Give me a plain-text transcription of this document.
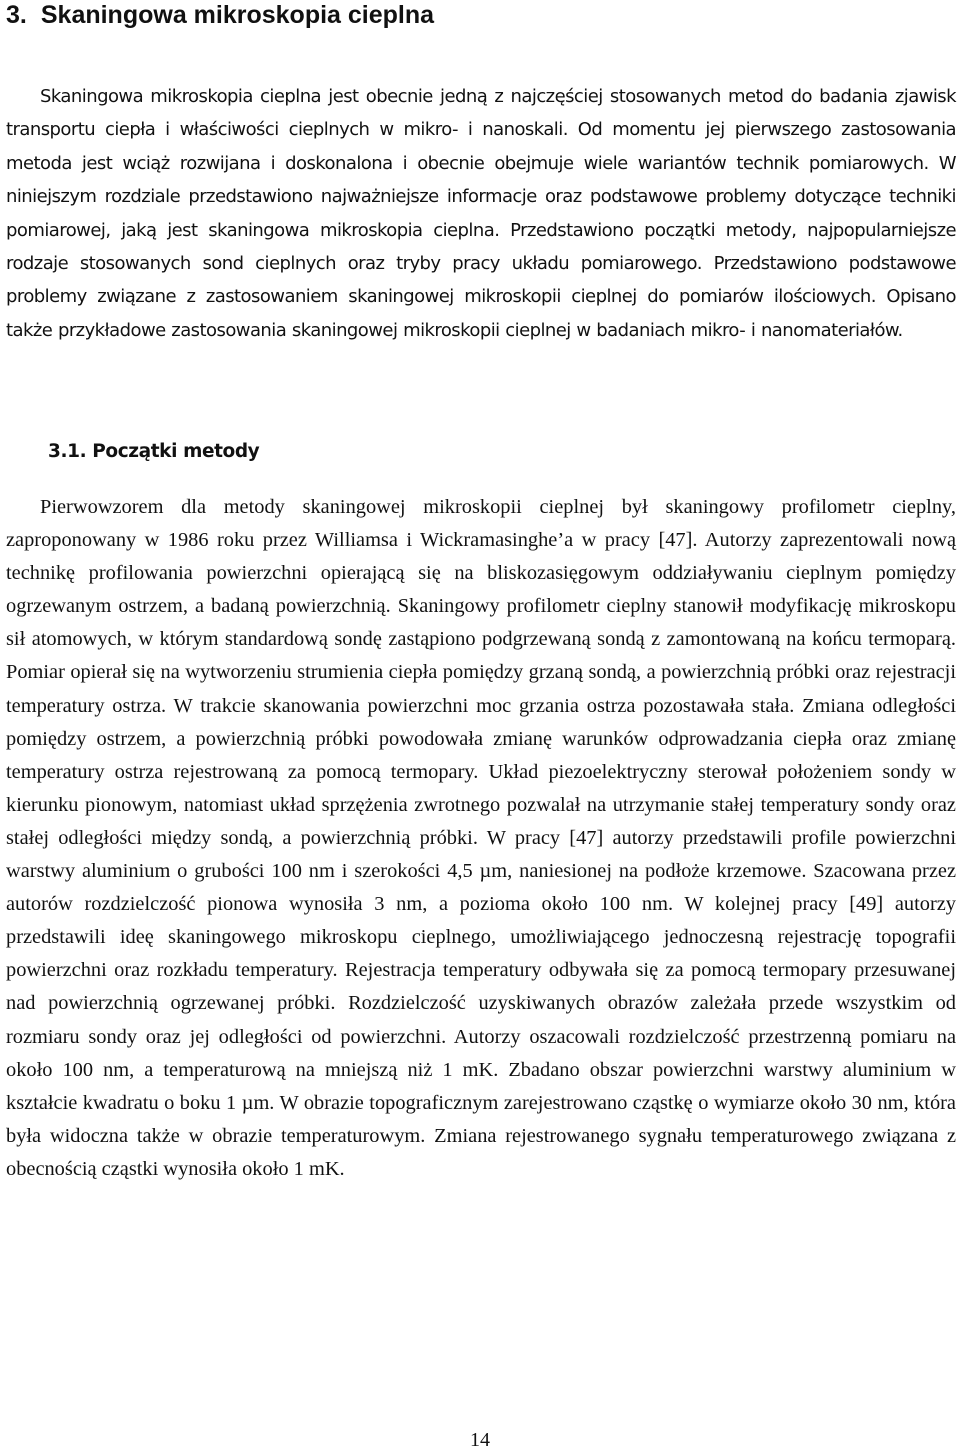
3. Skaningowa mikroskopia cieplna

Skaningowa mikroskopia cieplna jest obecnie jedną z najczęściej stosowanych metod do badania zjawisk transportu ciepła i właściwości cieplnych w mikro- i nanoskali. Od momentu jej pierwszego zastosowania metoda jest wciąż rozwijana i doskonalona i obecnie obejmuje wiele wariantów technik pomiarowych. W niniejszym rozdziale przedstawiono najważniejsze informacje oraz podstawowe problemy dotyczące techniki pomiarowej, jaką jest skaningowa mikroskopia cieplna. Przedstawiono początki metody, najpopularniejsze rodzaje stosowanych sond cieplnych oraz tryby pracy układu pomiarowego. Przedstawiono podstawowe problemy związane z zastosowaniem skaningowej mikroskopii cieplnej do pomiarów ilościowych. Opisano także przykładowe zastosowania skaningowej mikroskopii cieplnej w badaniach mikro- i nanomateriałów.

3.1. Początki metody

Pierwowzorem dla metody skaningowej mikroskopii cieplnej był skaningowy profilometr cieplny, zaproponowany w 1986 roku przez Williamsa i Wickramasinghe’a w pracy [47]. Autorzy zaprezentowali nową technikę profilowania powierzchni opierającą się na bliskozasięgowym oddziaływaniu cieplnym pomiędzy ogrzewanym ostrzem, a badaną powierzchnią. Skaningowy profilometr cieplny stanowił modyfikację mikroskopu sił atomowych, w którym standardową sondę zastąpiono podgrzewaną sondą z zamontowaną na końcu termoparą. Pomiar opierał się na wytworzeniu strumienia ciepła pomiędzy grzaną sondą, a powierzchnią próbki oraz rejestracji temperatury ostrza. W trakcie skanowania powierzchni moc grzania ostrza pozostawała stała. Zmiana odległości pomiędzy ostrzem, a powierzchnią próbki powodowała zmianę warunków odprowadzania ciepła oraz zmianę temperatury ostrza rejestrowaną za pomocą termopary. Układ piezoelektryczny sterował położeniem sondy w kierunku pionowym, natomiast układ sprzężenia zwrotnego pozwalał na utrzymanie stałej temperatury sondy oraz stałej odległości między sondą, a powierzchnią próbki. W pracy [47] autorzy przedstawili profile powierzchni warstwy aluminium o grubości 100 nm i szerokości 4,5 µm, naniesionej na podłoże krzemowe. Szacowana przez autorów rozdzielczość pionowa wynosiła 3 nm, a pozioma około 100 nm. W kolejnej pracy [49] autorzy przedstawili ideę skaningowego mikroskopu cieplnego, umożliwiającego jednoczesną rejestrację topografii powierzchni oraz rozkładu temperatury. Rejestracja temperatury odbywała się za pomocą termopary przesuwanej nad powierzchnią ogrzewanej próbki. Rozdzielczość uzyskiwanych obrazów zależała przede wszystkim od rozmiaru sondy oraz jej odległości od powierzchni. Autorzy oszacowali rozdzielczość przestrzenną pomiaru na około 100 nm, a temperaturową na mniejszą niż 1 mK. Zbadano obszar powierzchni warstwy aluminium w kształcie kwadratu o boku 1 µm. W obrazie topograficznym zarejestrowano cząstkę o wymiarze około 30 nm, która była widoczna także w obrazie temperaturowym. Zmiana rejestrowanego sygnału temperaturowego związana z obecnością cząstki wynosiła około 1 mK.

14
